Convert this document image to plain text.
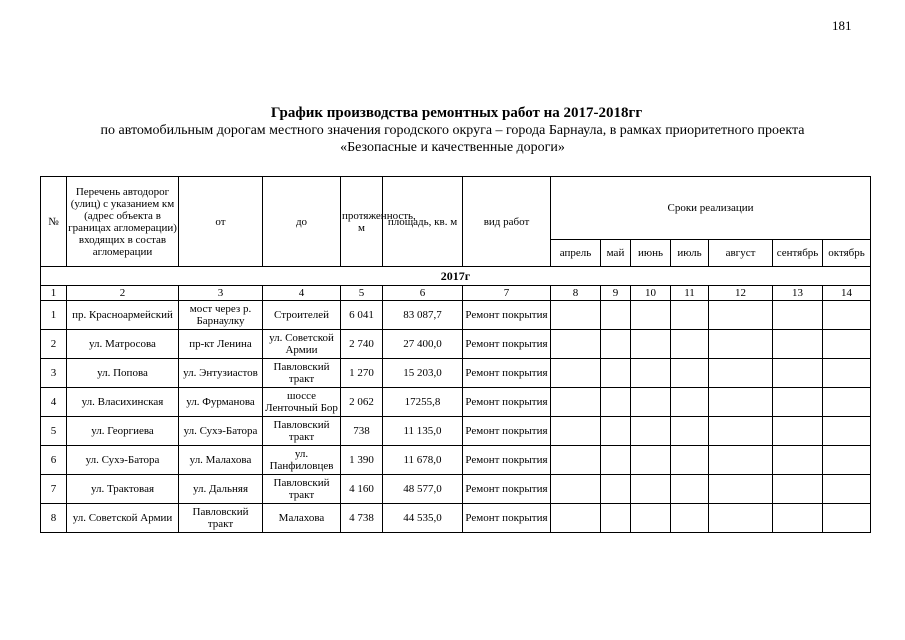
181
График производства ремонтных работ на 2017-2018гг
по автомобильным дорогам местного значения городского округа – города Барнаула, в рамках приоритетного проекта
«Безопасные и качественные дороги»
№	Перечень автодорог (улиц) с указанием км (адрес объекта в границах агломерации) входящих в состав агломерации	от	до	протяженность, м	площадь, кв. м	вид работ	Сроки реализации						
							апрель	май	июнь	июль	август	сентябрь	октябрь
2017г													
1	2	3	4	5	6	7	8	9	10	11	12	13	14
1	пр. Красноармейский	мост через р. Барнаулку	Строителей	6 041	83 087,7	Ремонт покрытия							
2	ул. Матросова	пр-кт Ленина	ул. Советской Армии	2 740	27 400,0	Ремонт покрытия							
3	ул. Попова	ул. Энтузиастов	Павловский тракт	1 270	15 203,0	Ремонт покрытия							
4	ул. Власихинская	ул. Фурманова	шоссе Ленточный Бор	2 062	17255,8	Ремонт покрытия							
5	ул. Георгиева	ул. Сухэ-Батора	Павловский тракт	738	11 135,0	Ремонт покрытия							
6	ул. Сухэ-Батора	ул. Малахова	ул. Панфиловцев	1 390	11 678,0	Ремонт покрытия							
7	ул. Трактовая	ул. Дальняя	Павловский тракт	4 160	48 577,0	Ремонт покрытия							
8	ул. Советской Армии	Павловский тракт	Малахова	4 738	44 535,0	Ремонт покрытия							
